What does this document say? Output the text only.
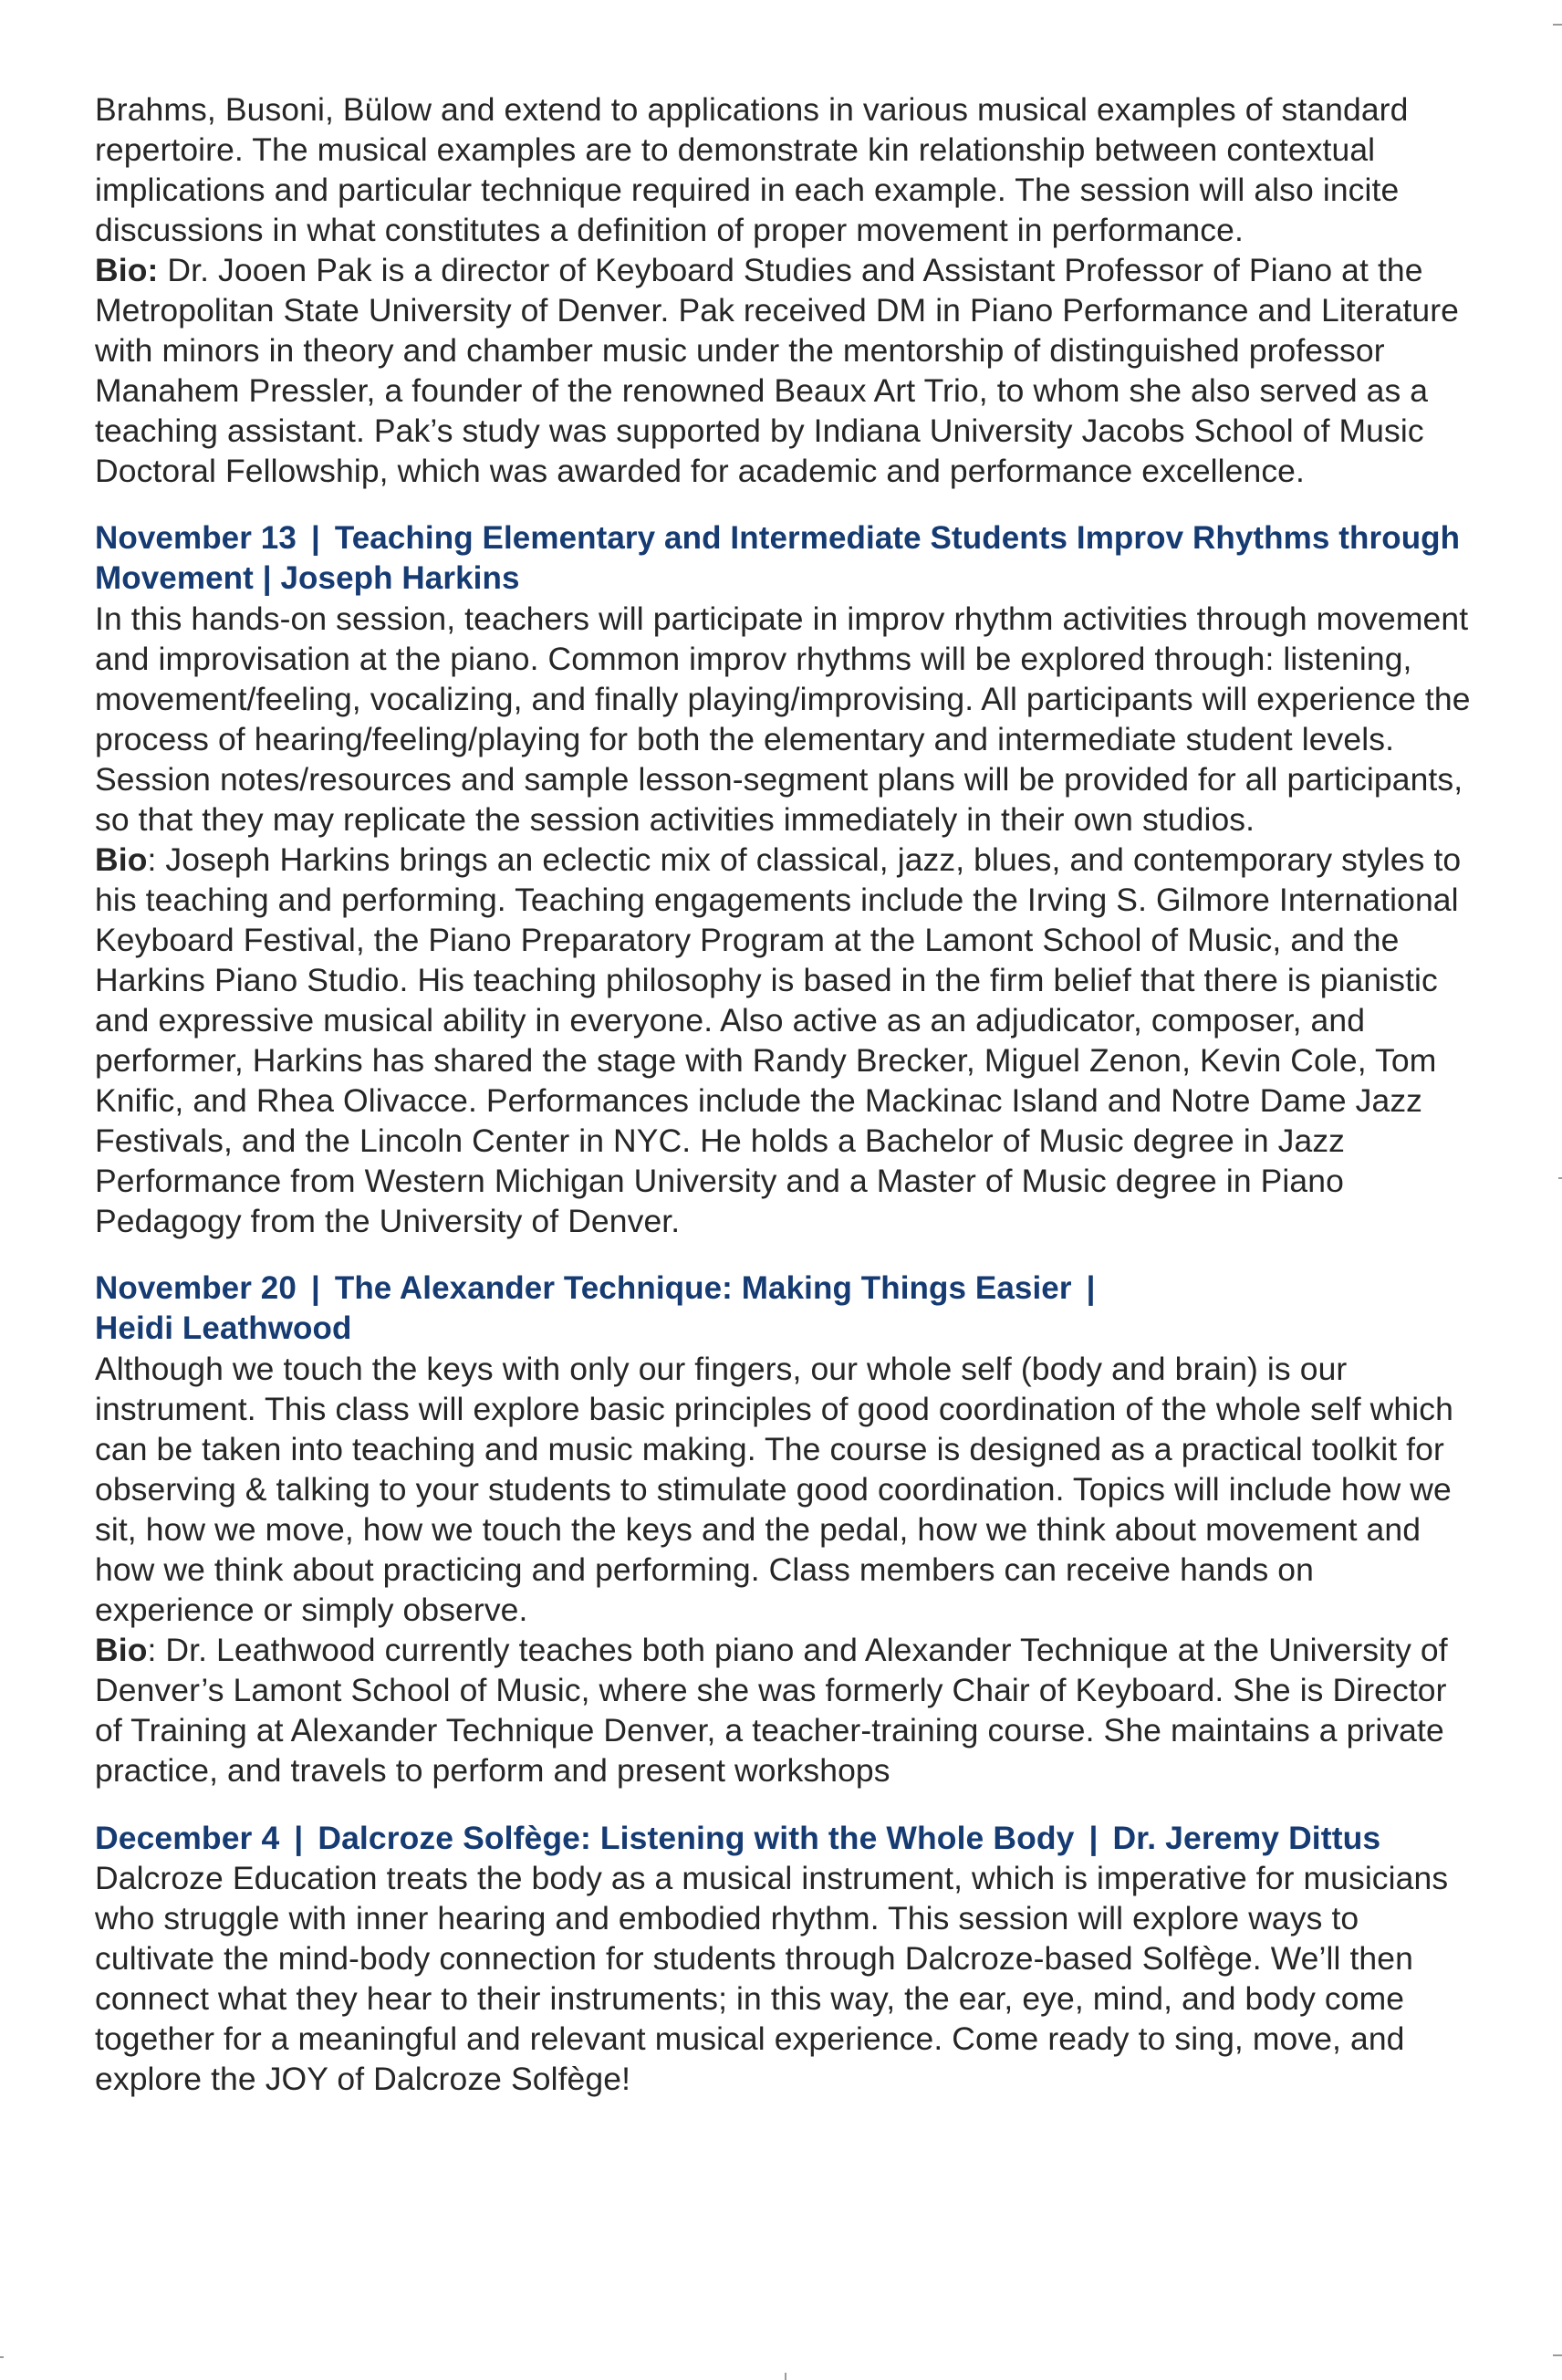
Brahms, Busoni, Bülow and extend to applications in various musical examples of standard repertoire. The musical examples are to demonstrate kin relationship between contextual implications and particular technique required in each example. The session will also incite discussions in what constitutes a definition of proper movement in performance.

Bio: Dr. Jooen Pak is a director of Keyboard Studies and Assistant Professor of Piano at the Metropolitan State University of Denver. Pak received DM in Piano Performance and Literature with minors in theory and chamber music under the mentorship of distinguished professor Manahem Pressler, a founder of the renowned Beaux Art Trio, to whom she also served as a teaching assistant. Pak’s study was supported by Indiana University Jacobs School of Music Doctoral Fellowship, which was awarded for academic and performance excellence.

November 13 | Teaching Elementary and Intermediate Students Improv Rhythms through Movement | Joseph Harkins

In this hands-on session, teachers will participate in improv rhythm activities through movement and improvisation at the piano. Common improv rhythms will be explored through: listening, movement/feeling, vocalizing, and finally playing/improvising. All participants will experience the process of hearing/feeling/playing for both the elementary and intermediate student levels. Session notes/resources and sample lesson-segment plans will be provided for all participants, so that they may replicate the session activities immediately in their own studios.

Bio: Joseph Harkins brings an eclectic mix of classical, jazz, blues, and contemporary styles to his teaching and performing. Teaching engagements include the Irving S. Gilmore International Keyboard Festival, the Piano Preparatory Program at the Lamont School of Music, and the Harkins Piano Studio. His teaching philosophy is based in the firm belief that there is pianistic and expressive musical ability in everyone. Also active as an adjudicator, composer, and performer, Harkins has shared the stage with Randy Brecker, Miguel Zenon, Kevin Cole, Tom Knific, and Rhea Olivacce. Performances include the Mackinac Island and Notre Dame Jazz Festivals, and the Lincoln Center in NYC. He holds a Bachelor of Music degree in Jazz Performance from Western Michigan University and a Master of Music degree in Piano Pedagogy from the University of Denver.

November 20 | The Alexander Technique: Making Things Easier |
Heidi Leathwood

Although we touch the keys with only our fingers, our whole self (body and brain) is our instrument. This class will explore basic principles of good coordination of the whole self which can be taken into teaching and music making. The course is designed as a practical toolkit for observing & talking to your students to stimulate good coordination. Topics will include how we sit, how we move, how we touch the keys and the pedal, how we think about movement and how we think about practicing and performing. Class members can receive hands on experience or simply observe.

Bio: Dr. Leathwood currently teaches both piano and Alexander Technique at the University of Denver’s Lamont School of Music, where she was formerly Chair of Keyboard. She is Director of Training at Alexander Technique Denver, a teacher-training course. She maintains a private practice, and travels to perform and present workshops

December 4 | Dalcroze Solfège: Listening with the Whole Body | Dr. Jeremy Dittus Dalcroze Education treats the body as a musical instrument, which is imperative for musicians who struggle with inner hearing and embodied rhythm. This session will explore ways to cultivate the mind-body connection for students through Dalcroze-based Solfège. We’ll then connect what they hear to their instruments; in this way, the ear, eye, mind, and body come together for a meaningful and relevant musical experience. Come ready to sing, move, and explore the JOY of Dalcroze Solfège!
